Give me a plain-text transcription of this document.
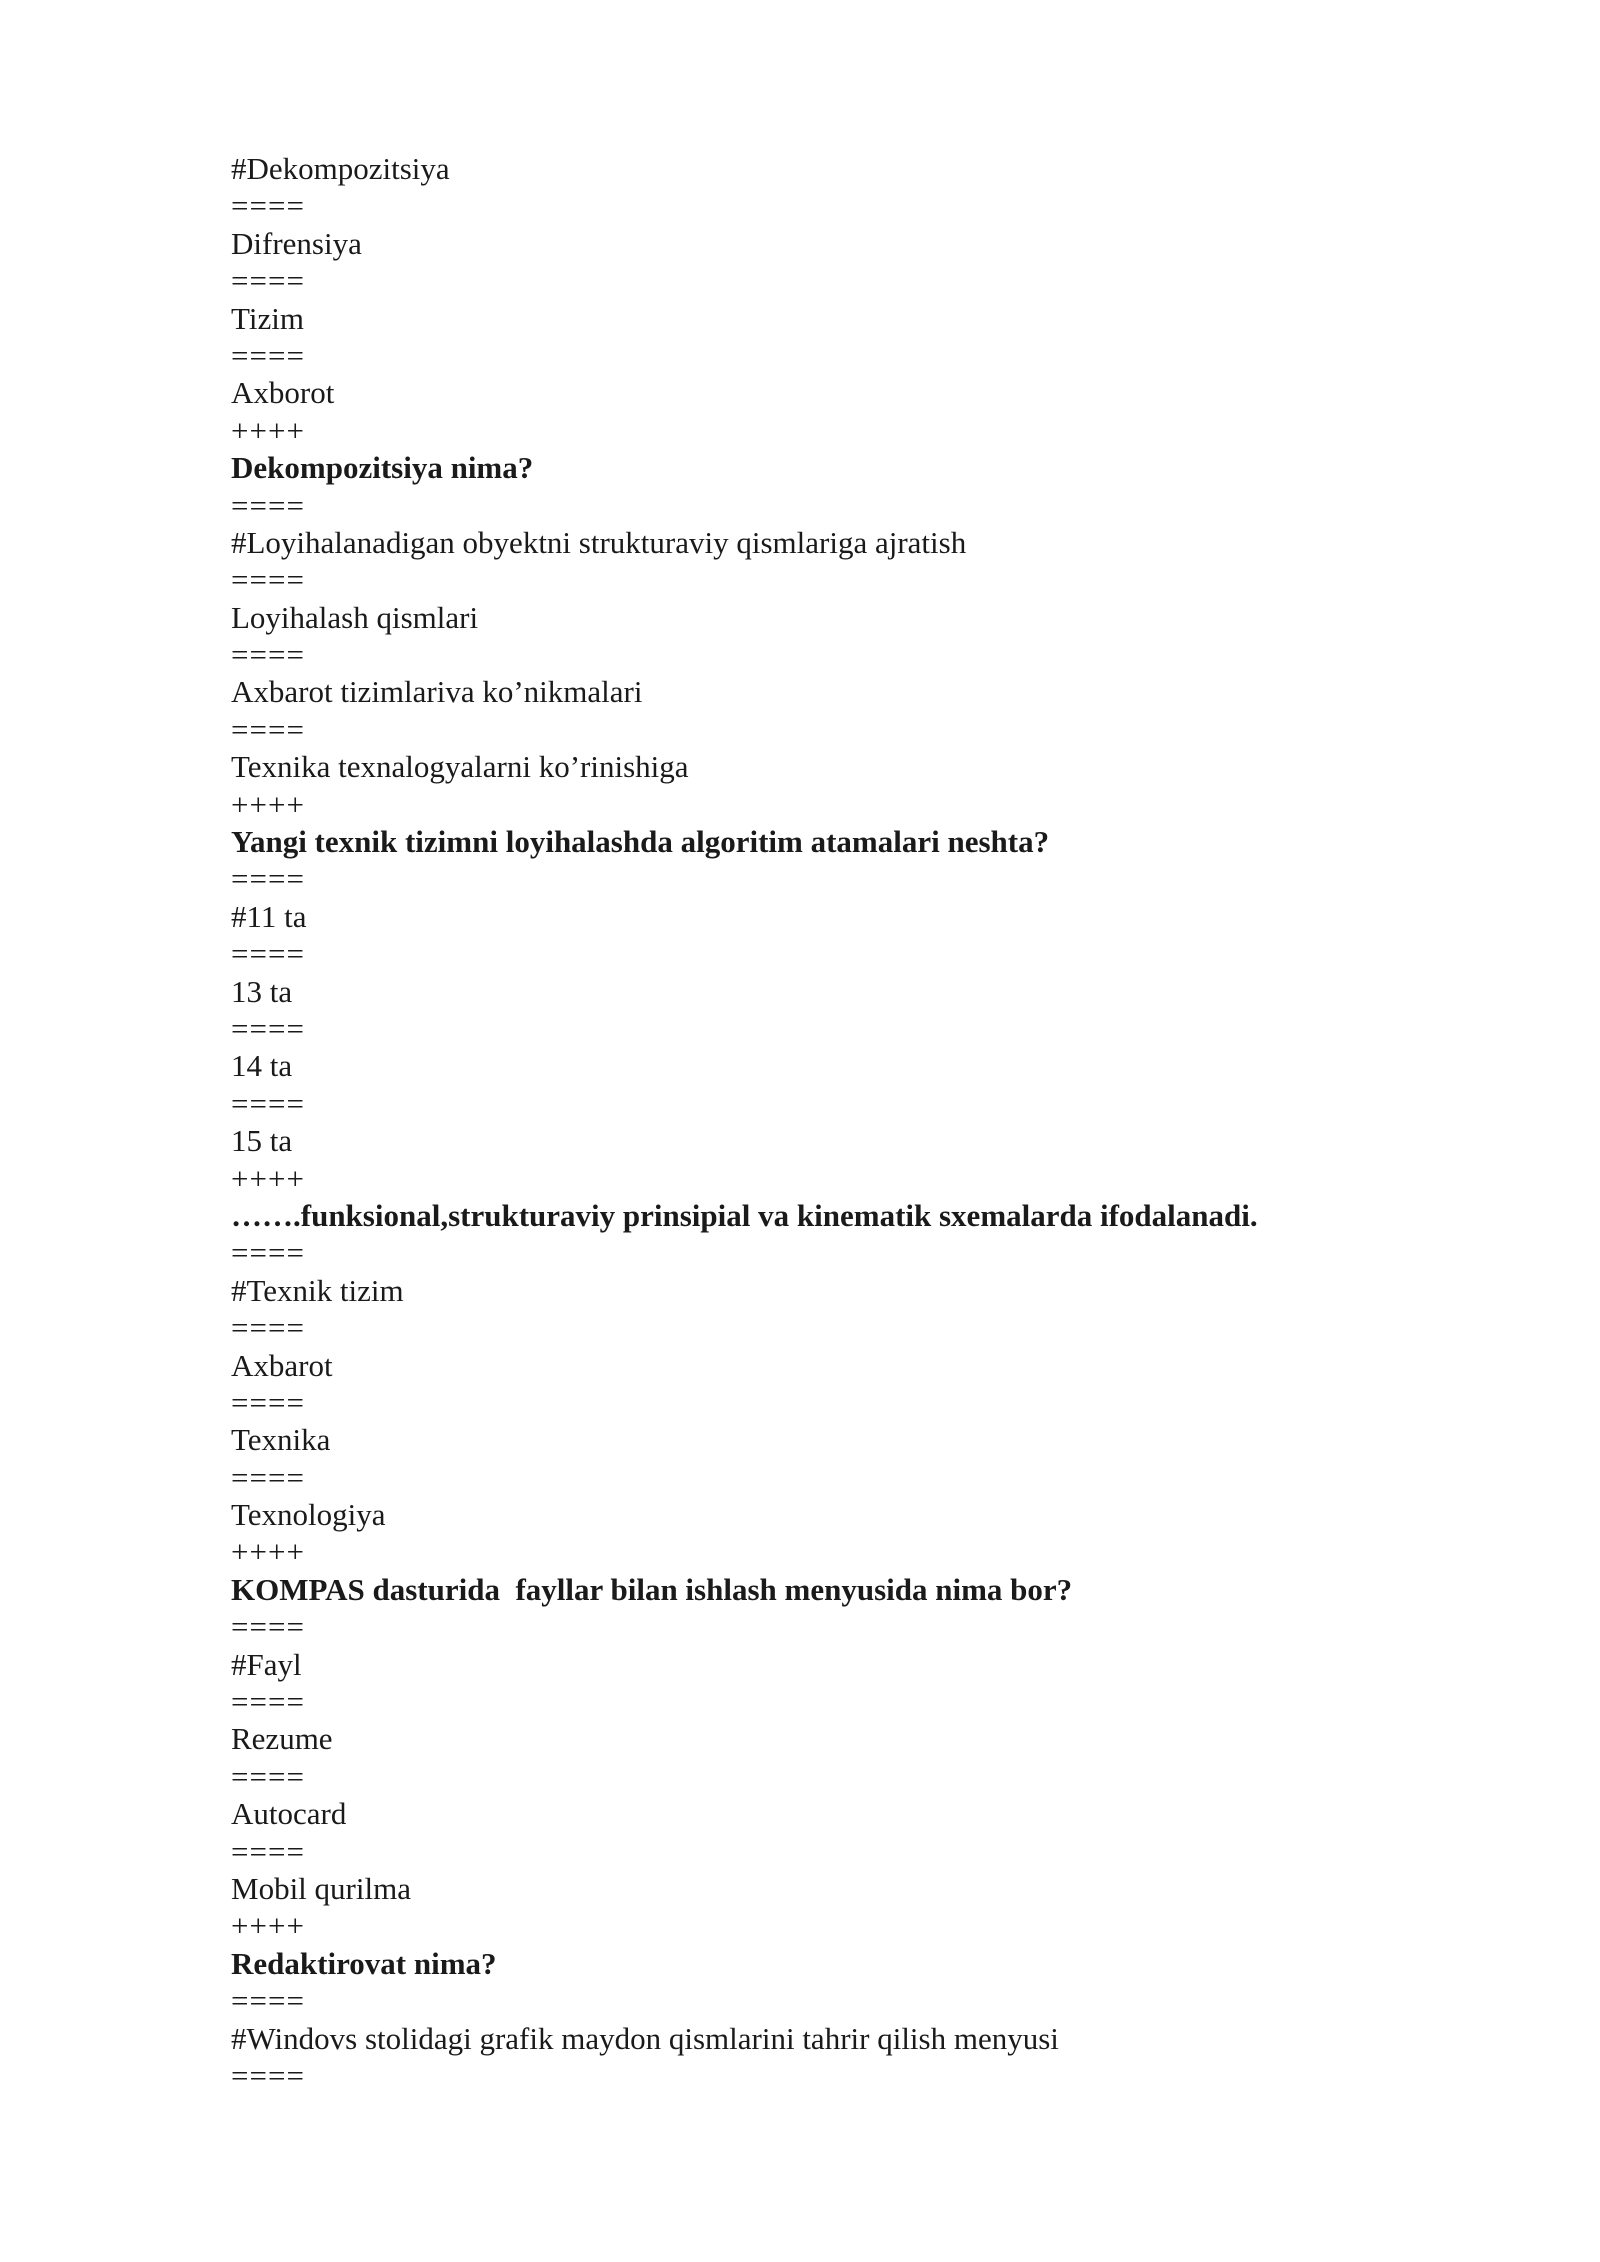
#Dekompozitsiya
====
Difrensiya
====
Tizim
====
Axborot
++++
Dekompozitsiya nima?
====
#Loyihalanadigan obyektni strukturaviy qismlariga ajratish
====
Loyihalash qismlari
====
Axbarot tizimlariva ko’nikmalari
====
Texnika texnalogyalarni ko’rinishiga
++++
Yangi texnik tizimni loyihalashda algoritim atamalari neshta?
====
#11 ta
====
13 ta
====
14 ta
====
15 ta
++++
…….funksional,strukturaviy prinsipial va kinematik sxemalarda ifodalanadi.
====
#Texnik tizim
====
Axbarot
====
Texnika
====
Texnologiya
++++
KOMPAS dasturida  fayllar bilan ishlash menyusida nima bor?
====
#Fayl
====
Rezume
====
Autocard
====
Mobil qurilma
++++
Redaktirovat nima?
====
#Windovs stolidagi grafik maydon qismlarini tahrir qilish menyusi
====
